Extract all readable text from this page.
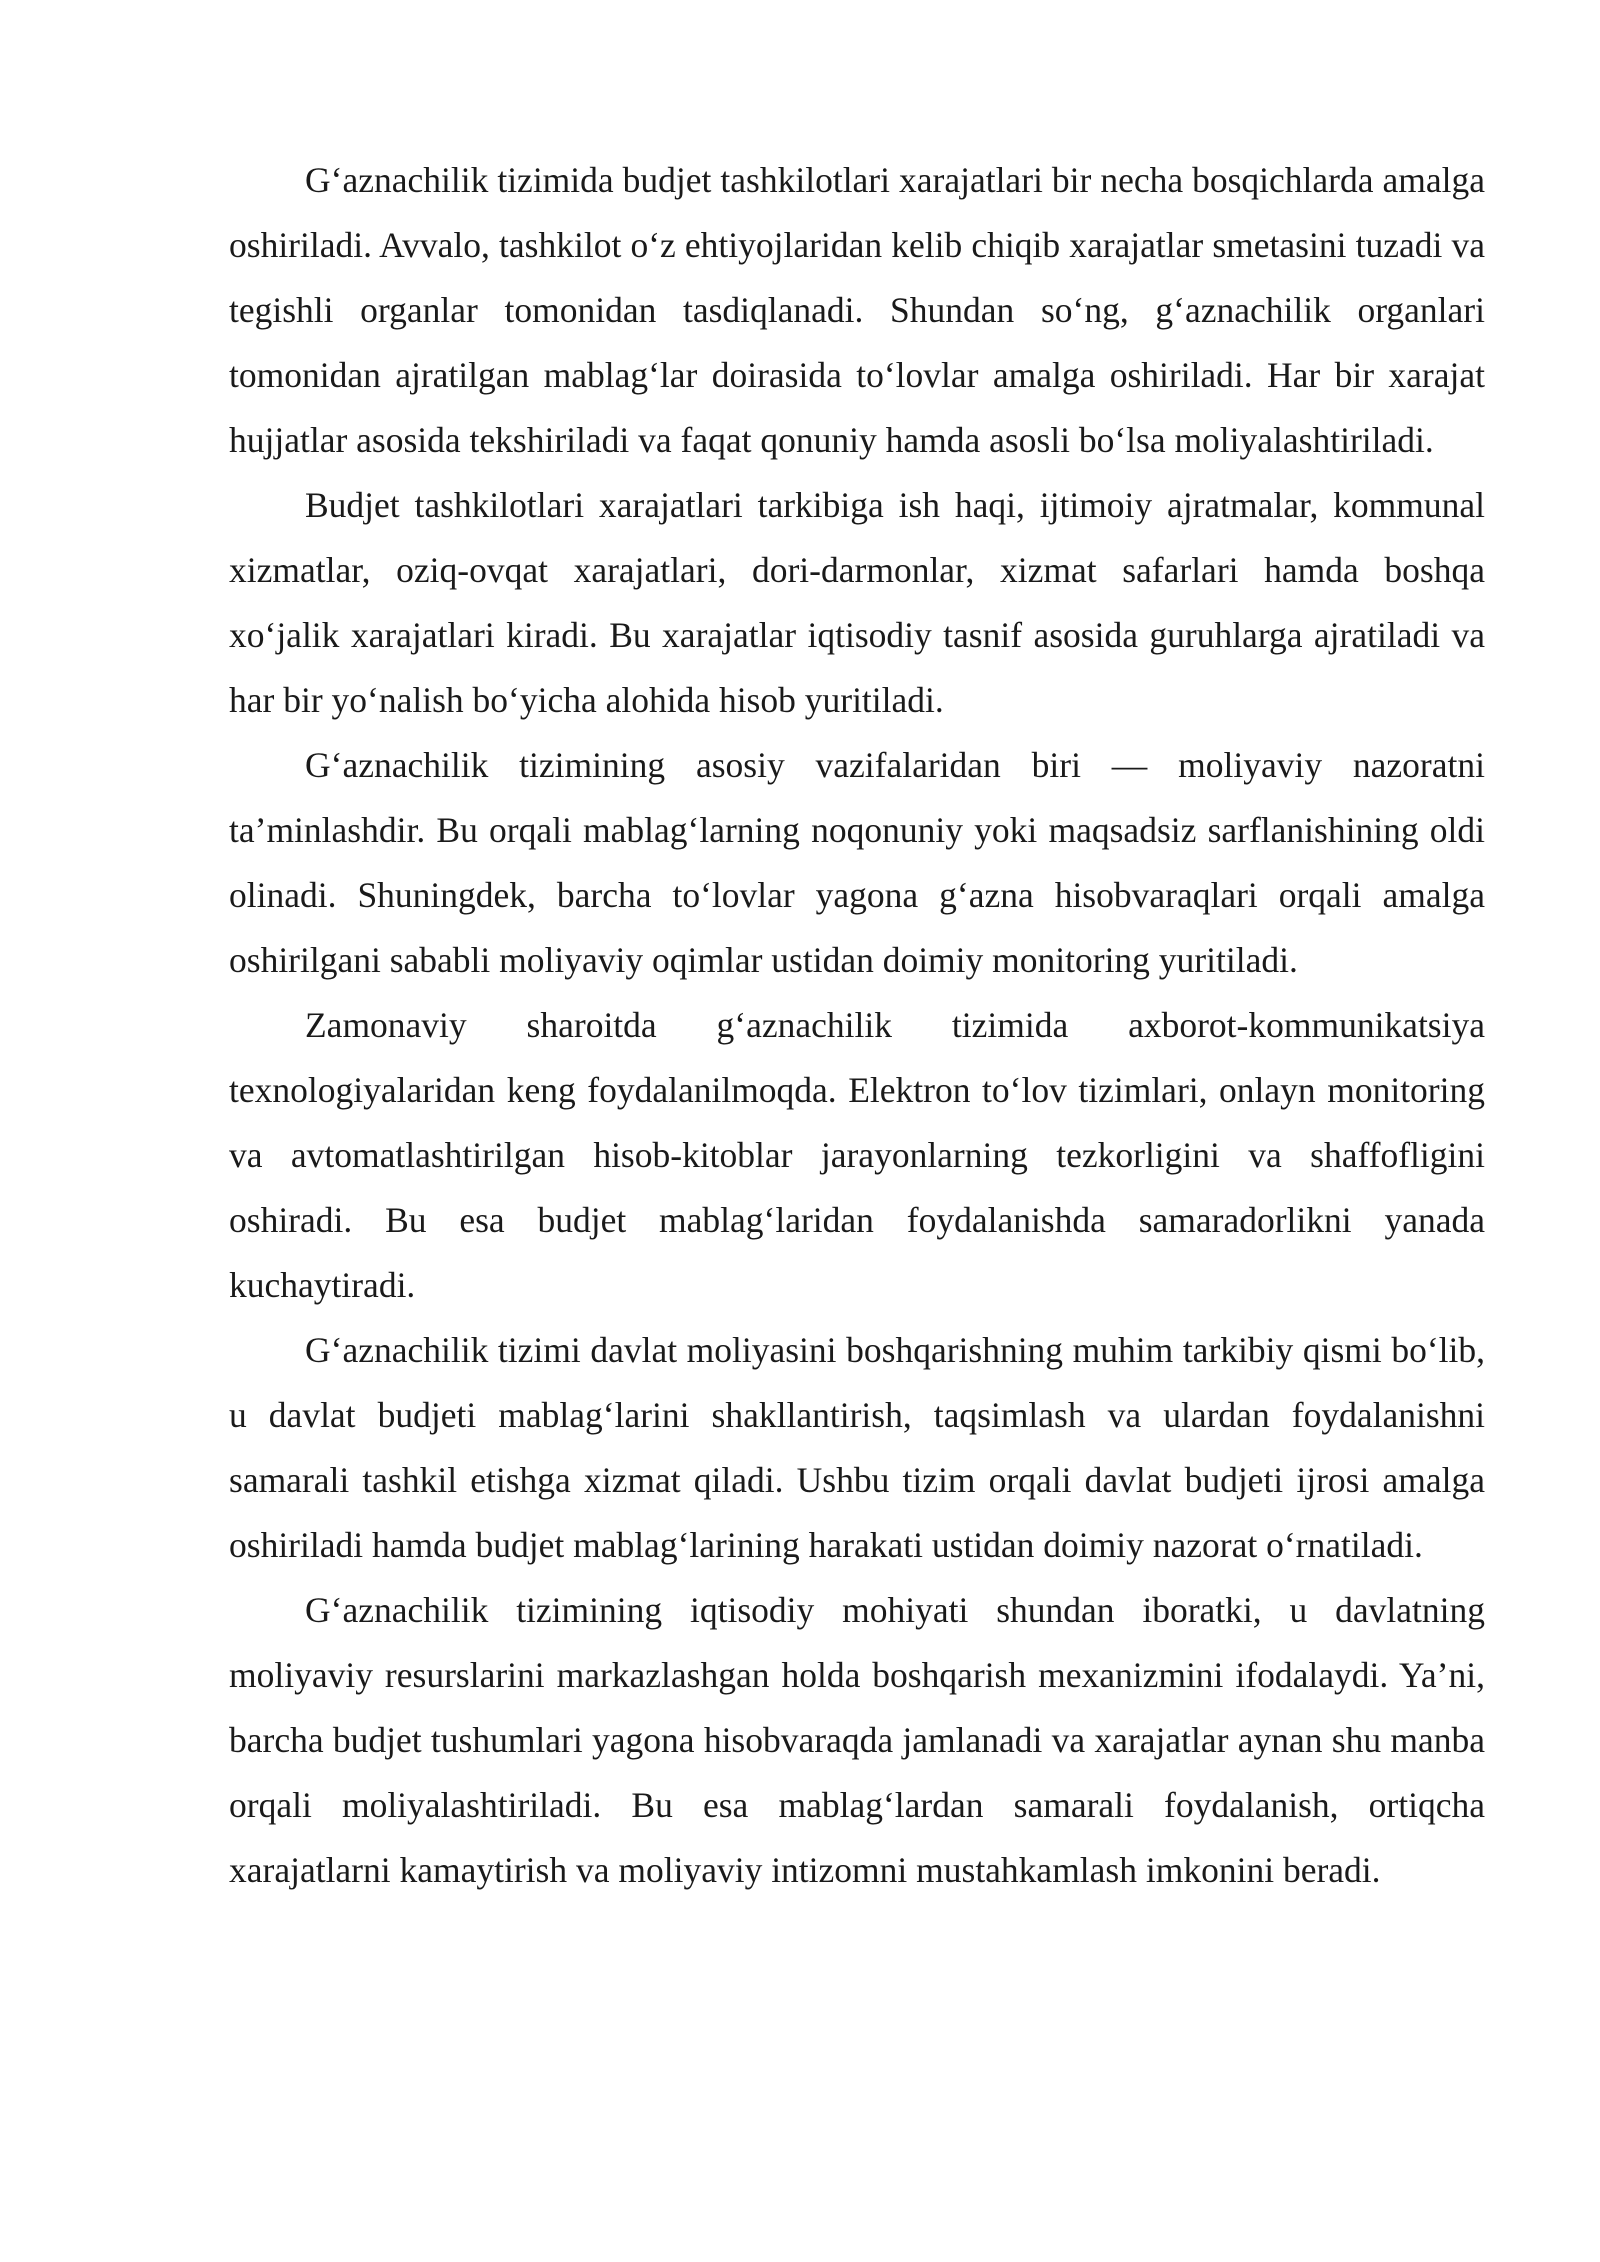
G‘aznachilik tizimida budjet tashkilotlari xarajatlari bir necha bosqichlarda amalga oshiriladi. Avvalo, tashkilot o‘z ehtiyojlaridan kelib chiqib xarajatlar smetasini tuzadi va tegishli organlar tomonidan tasdiqlanadi. Shundan so‘ng, g‘aznachilik organlari tomonidan ajratilgan mablag‘lar doirasida to‘lovlar amalga oshiriladi. Har bir xarajat hujjatlar asosida tekshiriladi va faqat qonuniy hamda asosli bo‘lsa moliyalashtiriladi.

Budjet tashkilotlari xarajatlari tarkibiga ish haqi, ijtimoiy ajratmalar, kommunal xizmatlar, oziq-ovqat xarajatlari, dori-darmonlar, xizmat safarlari hamda boshqa xo‘jalik xarajatlari kiradi. Bu xarajatlar iqtisodiy tasnif asosida guruhlarga ajratiladi va har bir yo‘nalish bo‘yicha alohida hisob yuritiladi.

G‘aznachilik tizimining asosiy vazifalaridan biri — moliyaviy nazoratni ta’minlashdir. Bu orqali mablag‘larning noqonuniy yoki maqsadsiz sarflanishining oldi olinadi. Shuningdek, barcha to‘lovlar yagona g‘azna hisobvaraqlari orqali amalga oshirilgani sababli moliyaviy oqimlar ustidan doimiy monitoring yuritiladi.

Zamonaviy sharoitda g‘aznachilik tizimida axborot-kommunikatsiya texnologiyalaridan keng foydalanilmoqda. Elektron to‘lov tizimlari, onlayn monitoring va avtomatlashtirilgan hisob-kitoblar jarayonlarning tezkorligini va shaffofligini oshiradi. Bu esa budjet mablag‘laridan foydalanishda samaradorlikni yanada kuchaytiradi.

G‘aznachilik tizimi davlat moliyasini boshqarishning muhim tarkibiy qismi bo‘lib, u davlat budjeti mablag‘larini shakllantirish, taqsimlash va ulardan foydalanishni samarali tashkil etishga xizmat qiladi. Ushbu tizim orqali davlat budjeti ijrosi amalga oshiriladi hamda budjet mablag‘larining harakati ustidan doimiy nazorat o‘rnatiladi.

G‘aznachilik tizimining iqtisodiy mohiyati shundan iboratki, u davlatning moliyaviy resurslarini markazlashgan holda boshqarish mexanizmini ifodalaydi. Ya’ni, barcha budjet tushumlari yagona hisobvaraqda jamlanadi va xarajatlar aynan shu manba orqali moliyalashtiriladi. Bu esa mablag‘lardan samarali foydalanish, ortiqcha xarajatlarni kamaytirish va moliyaviy intizomni mustahkamlash imkonini beradi.
